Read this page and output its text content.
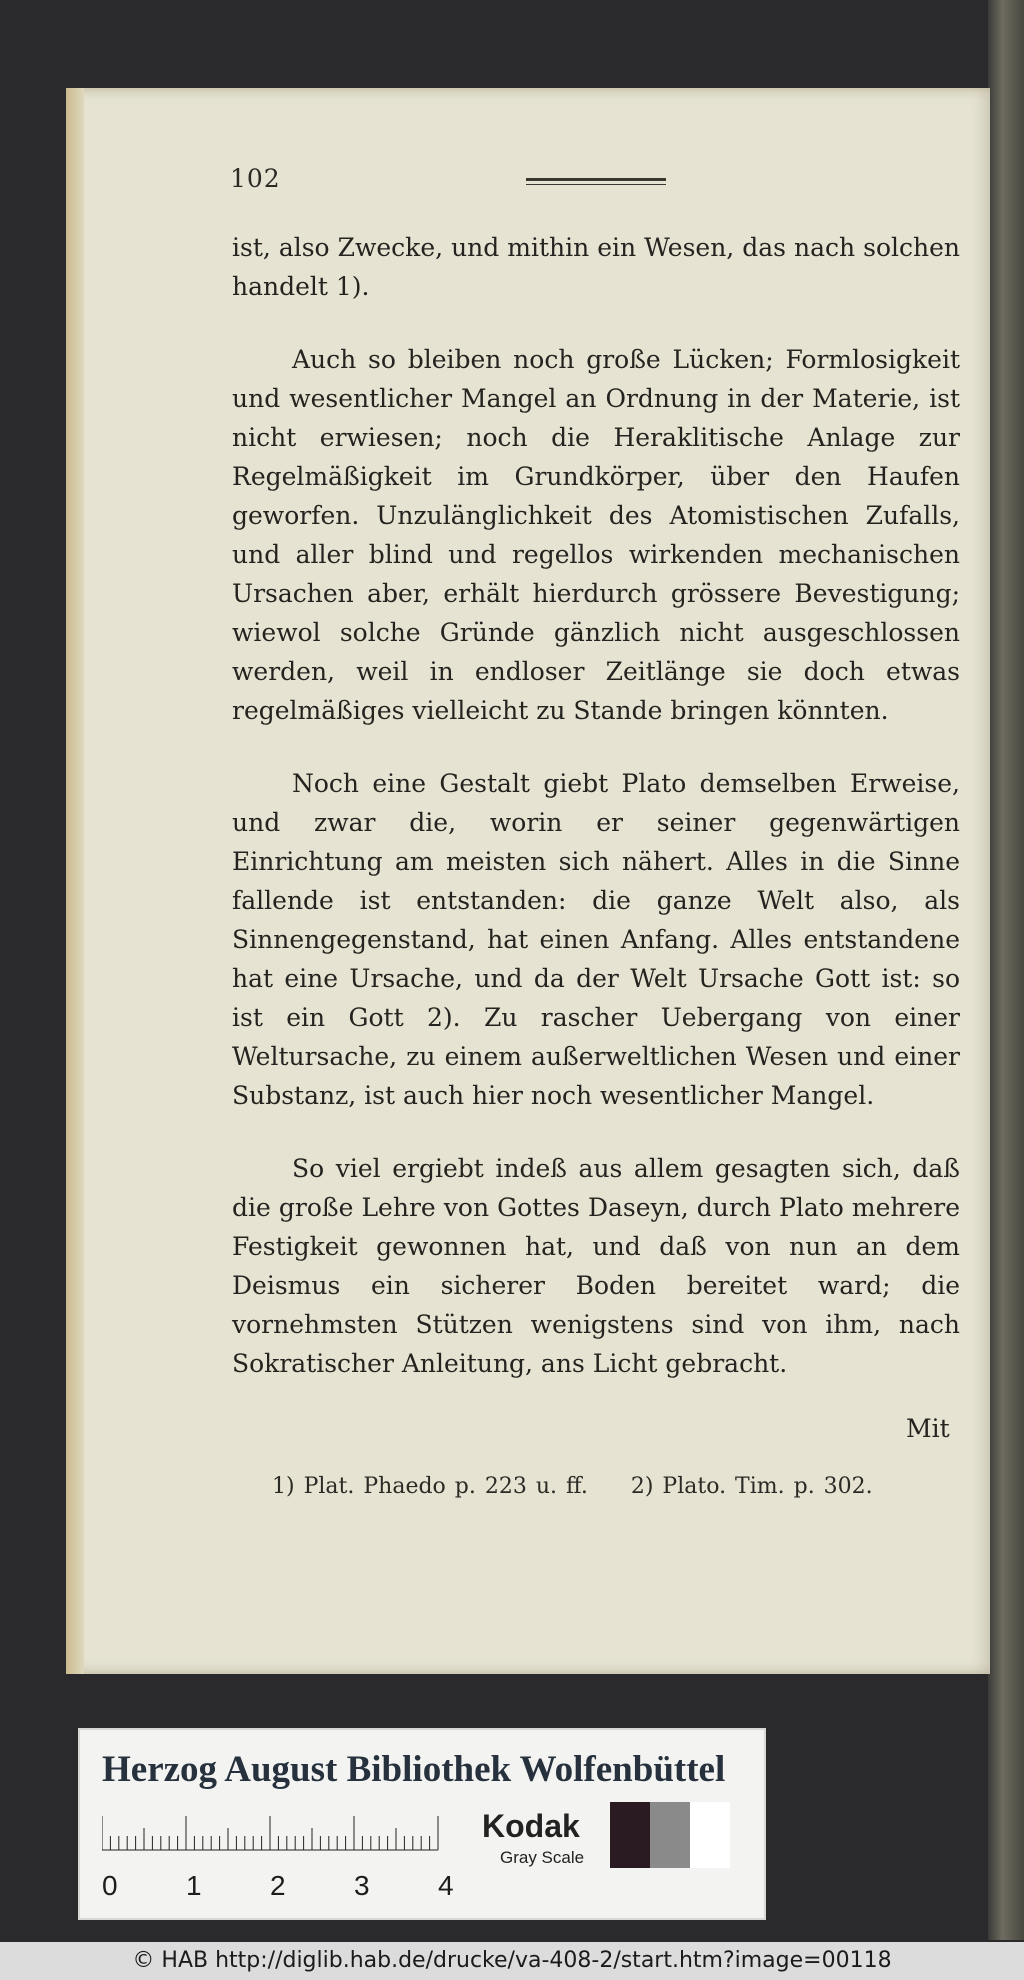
102

ist, also Zwecke, und mithin ein Wesen, das nach solchen handelt 1).

Auch so bleiben noch große Lücken; Formlosigkeit und wesentlicher Mangel an Ordnung in der Materie, ist nicht erwiesen; noch die Heraklitische Anlage zur Regelmäßigkeit im Grundkörper, über den Haufen geworfen. Unzulänglichkeit des Atomistischen Zufalls, und aller blind und regellos wirkenden mechanischen Ursachen aber, erhält hierdurch grössere Bevestigung; wiewol solche Gründe gänzlich nicht ausgeschlossen werden, weil in endloser Zeitlänge sie doch etwas regelmäßiges vielleicht zu Stande bringen könnten.

Noch eine Gestalt giebt Plato demselben Erweise, und zwar die, worin er seiner gegenwärtigen Einrichtung am meisten sich nähert. Alles in die Sinne fallende ist entstanden: die ganze Welt also, als Sinnengegenstand, hat einen Anfang. Alles entstandene hat eine Ursache, und da der Welt Ursache Gott ist: so ist ein Gott 2). Zu rascher Uebergang von einer Weltursache, zu einem außerweltlichen Wesen und einer Substanz, ist auch hier noch wesentlicher Mangel.

So viel ergiebt indeß aus allem gesagten sich, daß die große Lehre von Gottes Daseyn, durch Plato mehrere Festigkeit gewonnen hat, und daß von nun an dem Deismus ein sicherer Boden bereitet ward; die vornehmsten Stützen wenigstens sind von ihm, nach Sokratischer Anleitung, ans Licht gebracht.

Mit
1) Plat. Phaedo p. 223 u. ff. 2) Plato. Tim. p. 302.
Herzog August Bibliothek Wolfenbüttel
0 1 2 3 4
Kodak
Gray Scale
© HAB http://diglib.hab.de/drucke/va-408-2/start.htm?image=00118
